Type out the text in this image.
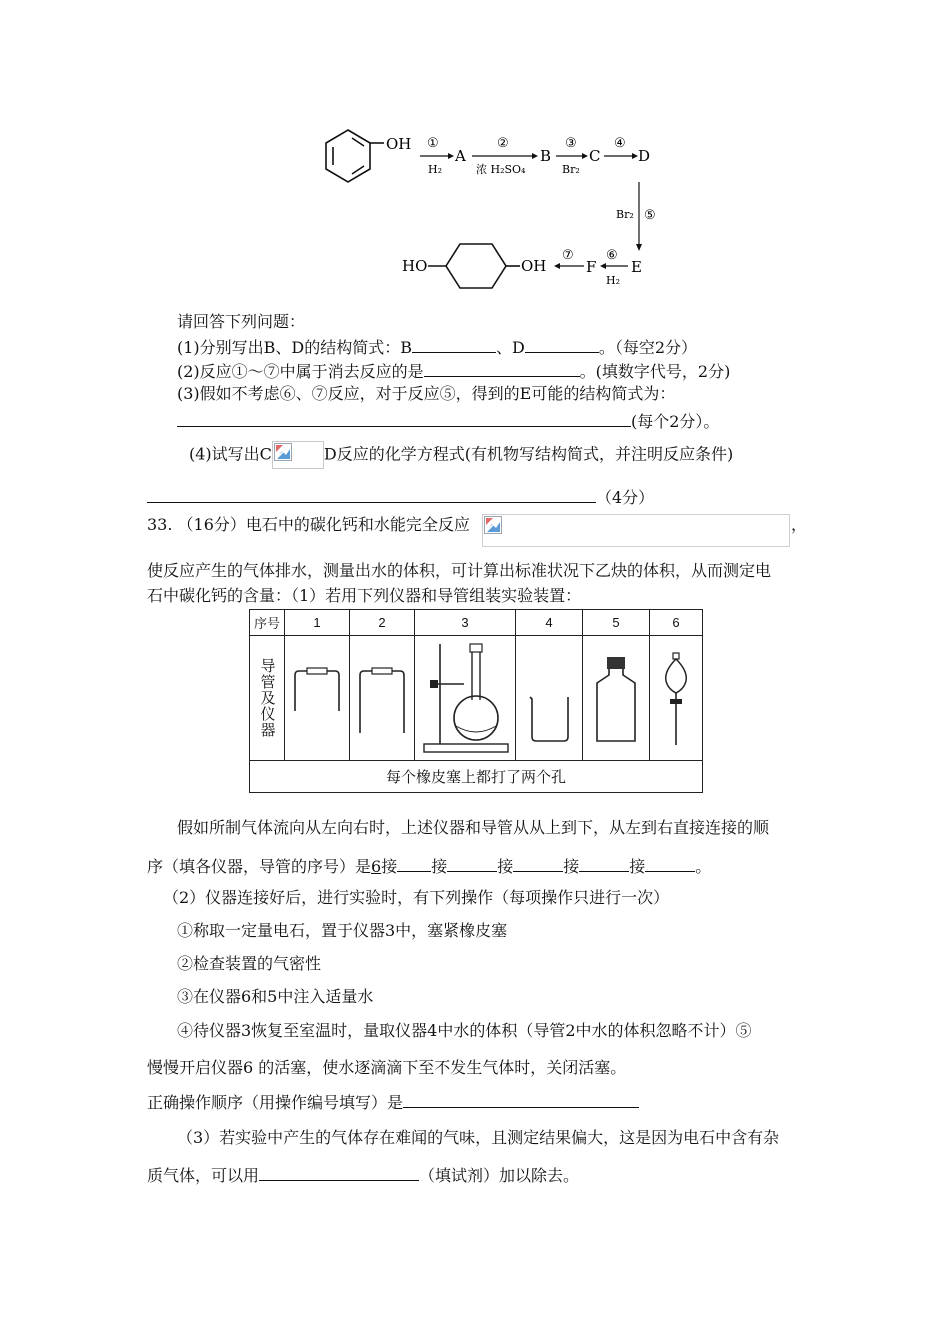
OH ①
H₂
A
②
浓 H₂SO₄
B
③
Br₂
C
④
D
Br₂ ⑤
E
⑥
H₂
F
⑦
HO	OH
请回答下列问题：
(1)分别写出B、D的结构简式：B	、D	。（每空2分）
(2)反应①～⑦中属于消去反应的是	。(填数字代号，2分)
(3)假如不考虑⑥、⑦反应，对于反应⑤，得到的E可能的结构简式为：
(每个2分）。
(4)试写出C	D反应的化学方程式(有机物写结构简式，并注明反应条件)
（4分）
33. （16分）电石中的碳化钙和水能完全反应	，
使反应产生的气体排水，测量出水的体积，可计算出标准状况下乙炔的体积，从而测定电
石中碳化钙的含量：（1）若用下列仪器和导管组装实验装置：
序号	1	2	3	4	5	6

导管及仪器

每个橡皮塞上都打了两个孔						
假如所制气体流向从左向右时，上述仪器和导管从从上到下，从左到右直接连接的顺
序（填各仪器，导管的序号）是6接 接	接	接	接	。
（2）仪器连接好后，进行实验时，有下列操作（每项操作只进行一次）
①称取一定量电石，置于仪器3中，塞紧橡皮塞
②检查装置的气密性
③在仪器6和5中注入适量水
④待仪器3恢复至室温时，量取仪器4中水的体积（导管2中水的体积忽略不计）⑤
慢慢开启仪器6 的活塞，使水逐滴滴下至不发生气体时，关闭活塞。
正确操作顺序（用操作编号填写）是
（3）若实验中产生的气体存在难闻的气味，且测定结果偏大，这是因为电石中含有杂
质气体，可以用	（填试剂）加以除去。
